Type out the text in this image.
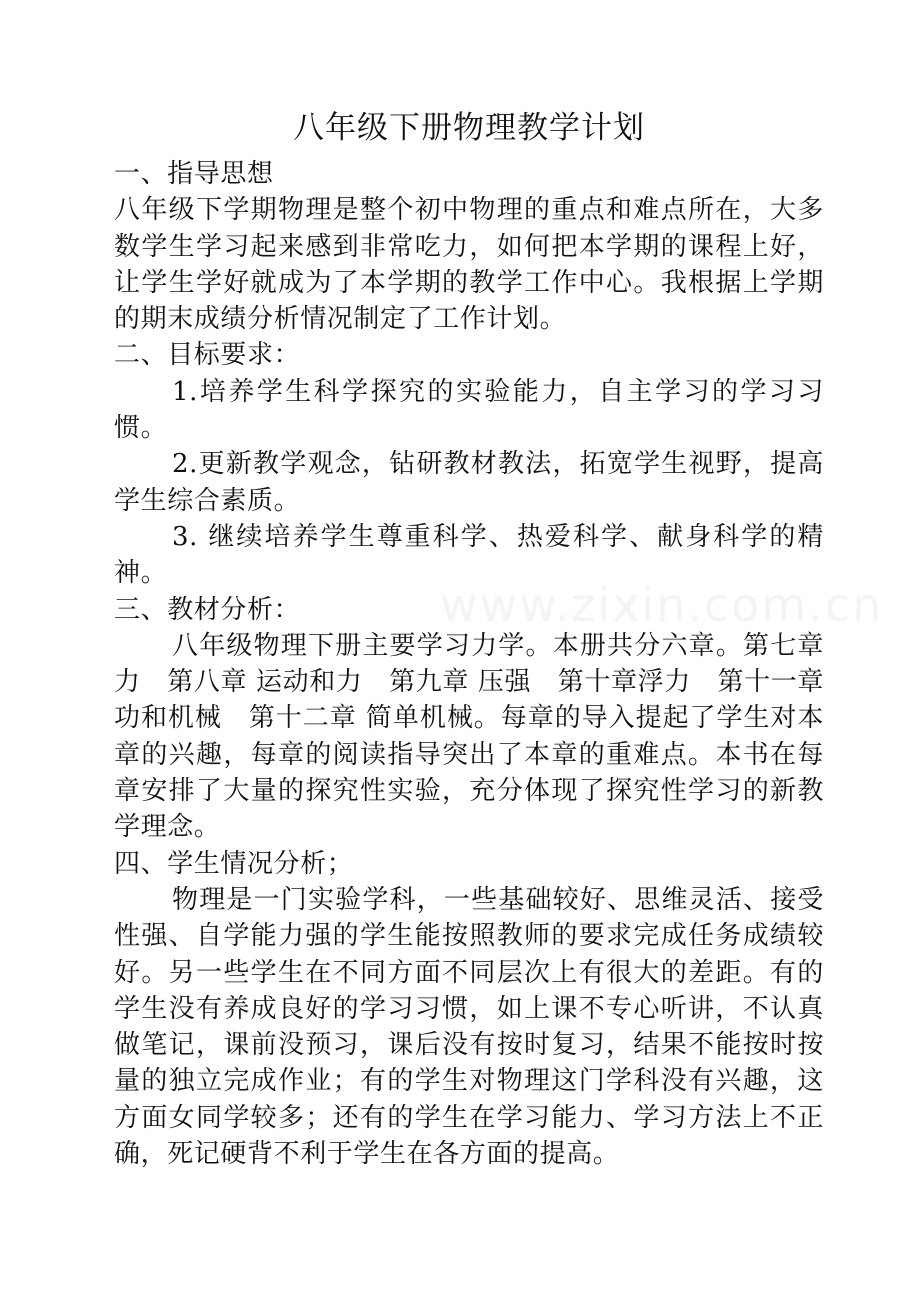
www.zixin.com.cn
八年级下册物理教学计划

一、指导思想

八年级下学期物理是整个初中物理的重点和难点所在，大多数学生学习起来感到非常吃力，如何把本学期的课程上好，让学生学好就成为了本学期的教学工作中心。我根据上学期的期末成绩分析情况制定了工作计划。

二、目标要求：

1.培养学生科学探究的实验能力，自主学习的学习习惯。

2.更新教学观念，钻研教材教法，拓宽学生视野，提高学生综合素质。

3. 继续培养学生尊重科学、热爱科学、献身科学的精神。

三、教材分析：

八年级物理下册主要学习力学。本册共分六章。第七章力　第八章 运动和力　第九章 压强　第十章浮力　第十一章 功和机械　第十二章 简单机械。每章的导入提起了学生对本章的兴趣，每章的阅读指导突出了本章的重难点。本书在每章安排了大量的探究性实验，充分体现了探究性学习的新教学理念。

四、学生情况分析；

物理是一门实验学科，一些基础较好、思维灵活、接受性强、自学能力强的学生能按照教师的要求完成任务成绩较好。另一些学生在不同方面不同层次上有很大的差距。有的学生没有养成良好的学习习惯，如上课不专心听讲，不认真做笔记，课前没预习，课后没有按时复习，结果不能按时按量的独立完成作业；有的学生对物理这门学科没有兴趣，这方面女同学较多；还有的学生在学习能力、学习方法上不正确，死记硬背不利于学生在各方面的提高。
